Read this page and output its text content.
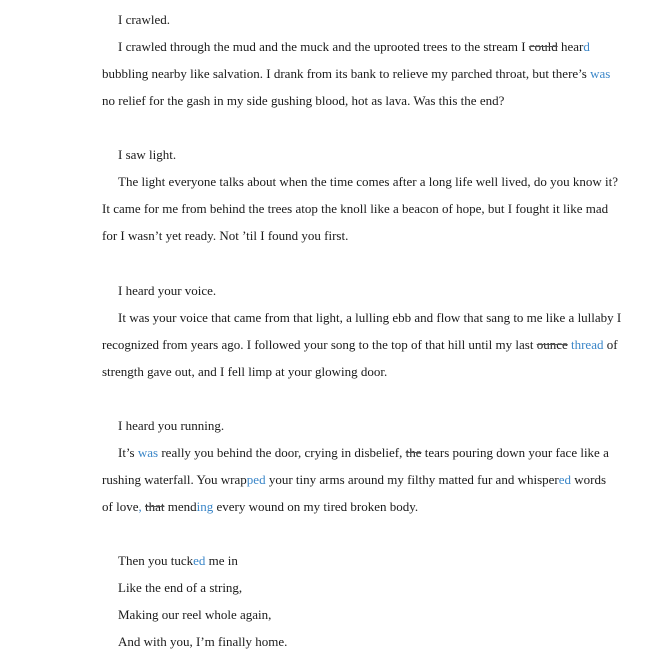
I crawled.
I crawled through the mud and the muck and the uprooted trees to the stream I could heard
bubbling nearby like salvation. I drank from its bank to relieve my parched throat, but there’s was
no relief for the gash in my side gushing blood, hot as lava. Was this the end?
I saw light.
The light everyone talks about when the time comes after a long life well lived, do you know it?
It came for me from behind the trees atop the knoll like a beacon of hope, but I fought it like mad
for I wasn’t yet ready. Not ’til I found you first.
I heard your voice.
It was your voice that came from that light, a lulling ebb and flow that sang to me like a lullaby I
recognized from years ago. I followed your song to the top of that hill until my last ounce thread of
strength gave out, and I fell limp at your glowing door.
I heard you running.
It’s was really you behind the door, crying in disbelief, the tears pouring down your face like a
rushing waterfall. You wrapped your tiny arms around my filthy matted fur and whispered words
of love, that mending every wound on my tired broken body.
Then you tucked me in
Like the end of a string,
Making our reel whole again,
And with you, I’m finally home.
